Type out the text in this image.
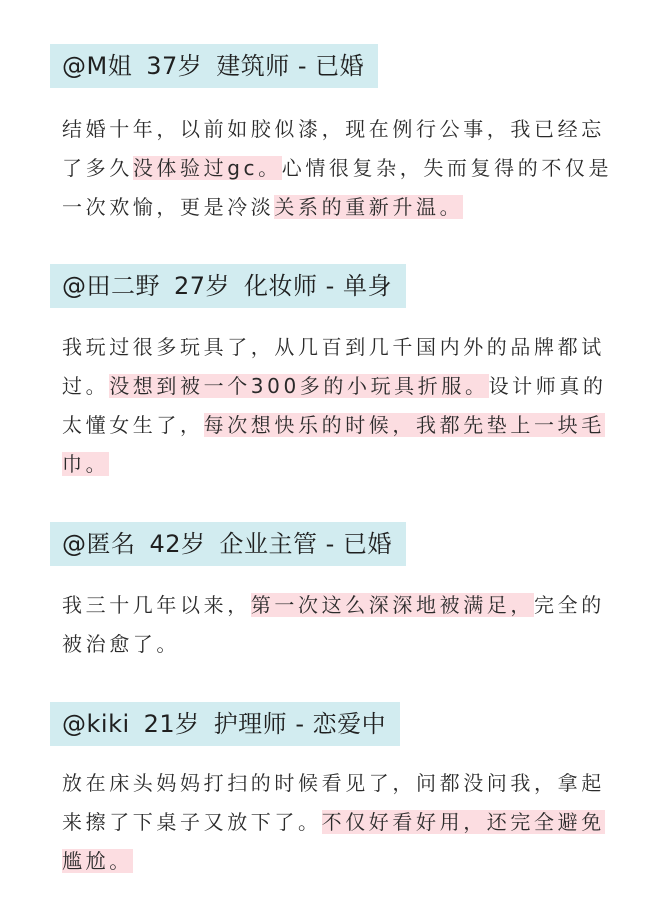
@M姐 37岁 建筑师 - 已婚
结婚十年，以前如胶似漆，现在例行公事，我已经忘了多久没体验过gc。心情很复杂，失而复得的不仅是一次欢愉，更是冷淡关系的重新升温。
@田二野 27岁 化妆师 - 单身
我玩过很多玩具了，从几百到几千国内外的品牌都试过。没想到被一个300多的小玩具折服。设计师真的太懂女生了，每次想快乐的时候，我都先垫上一块毛巾。
@匿名 42岁 企业主管 - 已婚
我三十几年以来，第一次这么深深地被满足，完全的被治愈了。
@kiki 21岁 护理师 - 恋爱中
放在床头妈妈打扫的时候看见了，问都没问我，拿起来擦了下桌子又放下了。不仅好看好用，还完全避免尴尬。
